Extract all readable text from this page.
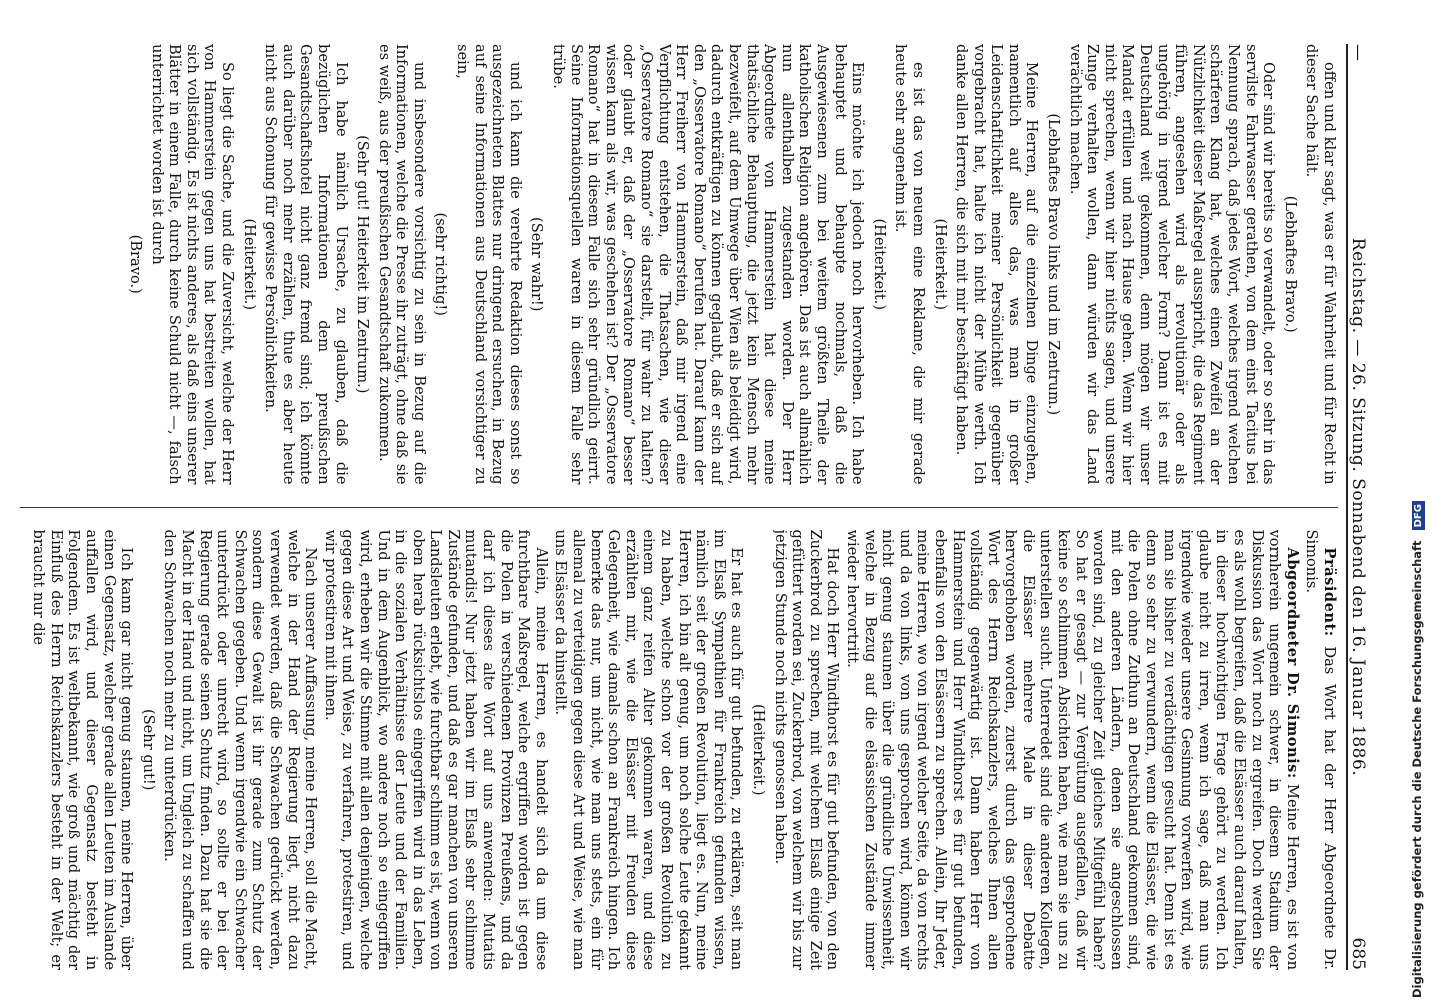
—
Reichstag. — 26. Sitzung. Sonnabend den 16. Januar 1886.
685

offen und klar sagt, was er für Wahrheit und für Recht in dieser Sache hält.

(Lebhaftes Bravo.)

Oder sind wir bereits so verwandelt, oder so sehr in das servilste Fahrwasser gerathen, von dem einst Tacitus bei Nennung sprach, daß jedes Wort, welches irgend welchen schärferen Klang hat, welches einen Zweifel an der Nützlichkeit dieser Maßregel ausspricht, die das Regiment führen, angesehen wird als revolutionär oder als ungehörig in irgend welcher Form? Dann ist es mit Deutschland weit gekommen, denn mögen wir unser Mandat erfüllen und nach Hause gehen. Wenn wir hier nicht sprechen, wenn wir hier nichts sagen, und unsere Zunge verhalten wollen, dann würden wir das Land verächtlich machen.

(Lebhaftes Bravo links und im Zentrum.)

Meine Herren, auf die einzelnen Dinge einzugehen, namentlich auf alles das, was man in großer Leidenschaftlichkeit meiner Persönlichkeit gegenüber vorgebracht hat, halte ich nicht der Mühe werth. Ich danke allen Herren, die sich mit mir beschäftigt haben.

(Heiterkeit.)

es ist das von neuem eine Reklame, die mir gerade heute sehr angenehm ist.

(Heiterkeit.)

Eins möchte ich jedoch noch hervorheben. Ich habe behauptet und behaupte nochmals, daß die Ausgewiesenen zum bei weitem größten Theile der katholischen Religion angehören. Das ist auch allmählich nun allenthalben zugestanden worden. Der Herr Abgeordnete von Hammerstein hat diese meine thatsächliche Behauptung, die jetzt kein Mensch mehr bezweifelt, auf dem Umwege über Wien als beleidigt wird, dadurch entkräftigen zu können geglaubt, daß er sich auf den „Osservatore Romano“ berufen hat. Darauf kann der Herr Freiherr von Hammerstein, daß mir irgend eine Verpflichtung entstehen, die Thatsachen, wie dieser „Osservatore Romano“ sie darstellt, für wahr zu halten? oder glaubt er, daß der „Osservatore Romano“ besser wissen kann als wir, was geschehen ist? Der „Osservatore Romano“ hat in diesem Falle sich sehr gründlich geirrt. Seine Informationsquellen waren in diesem Falle sehr trübe.

(Sehr wahr!)

und ich kann die verehrte Redaktion dieses sonst so ausgezeichneten Blattes nur dringend ersuchen, in Bezug auf seine Informationen aus Deutschland vorsichtiger zu sein,

(sehr richtig!)

und insbesondere vorsichtig zu sein in Bezug auf die Informationen, welche die Presse ihr zuträgt, ohne daß sie es weiß, aus der preußischen Gesandtschaft zukommen.

(Sehr gut! Heiterkeit im Zentrum.)

Ich habe nämlich Ursache, zu glauben, daß die bezüglichen Informationen dem preußischen Gesandtschaftshotel nicht ganz fremd sind; ich könnte auch darüber noch mehr erzählen, thue es aber heute nicht aus Schonung für gewisse Persönlichkeiten.

(Heiterkeit.)

So liegt die Sache, und die Zuversicht, welche der Herr von Hammerstein gegen uns hat bestreiten wollen, hat sich vollständig. Es ist nichts anderes, als daß eins unserer Blätter in einem Falle, durch keine Schuld nicht —, falsch unterrichtet worden ist durch

(Bravo.)

Präsident: Das Wort hat der Herr Abgeordnete Dr. Simonis.

Abgeordneter Dr. Simonis: Meine Herren, es ist von vornherein ungemein schwer, in diesem Stadium der Diskussion das Wort noch zu ergreifen. Doch werden Sie es als wohl begreifen, daß die Elsässer auch darauf halten, in dieser hochwichtigen Frage gehört zu werden. Ich glaube nicht zu irren, wenn ich sage, daß man uns irgendwie wieder unsere Gesinnung vorwerfen wird, wie man sie bisher zu verdächtigen gesucht hat. Denn ist es denn so sehr zu verwundern, wenn die Elsässer, die wie die Polen ohne Zuthun an Deutschland gekommen sind, mit den anderen Ländern, denen sie angeschlossen worden sind, zu gleicher Zeit gleiches Mitgefühl haben? So hat er gesagt — zur Vergütung ausgefallen, daß wir keine so schlimmen Absichten haben, wie man sie uns zu unterstellen sucht. Unterredet sind die anderen Kollegen, die Elsässer mehrere Male in dieser Debatte hervorgehoben worden, zuerst durch das gesprochene Wort des Herrn Reichskanzlers, welches Ihnen allen vollständig gegenwärtig ist. Dann haben Herr von Hammerstein und Herr Windthorst es für gut befunden, ebenfalls von den Elsässern zu sprechen. Allein, Ihr Jeder, meine Herren, wo von irgend welcher Seite, da von rechts und da von links, von uns gesprochen wird, können wir nicht genug staunen über die gründliche Unwissenheit, welche in Bezug auf die elsässischen Zustände immer wieder hervortritt.

Hat doch Herr Windthorst es für gut befunden, von den Zuckerbrod zu sprechen, mit welchem Elsaß einige Zeit gefüttert worden sei, Zuckerbrod, von welchem wir bis zur jetzigen Stunde noch nichts genossen haben.

(Heiterkeit.)

Er hat es auch für gut befunden, zu erklären, seit man im Elsaß Sympathien für Frankreich gefunden wissen, nämlich seit der großen Revolution, liegt es. Nun, meine Herren, ich bin alt genug, um noch solche Leute gekannt zu haben, welche schon vor der großen Revolution zu einem ganz reifen Alter gekommen waren, und diese erzählten mir, wie die Elsässer mit Freuden diese Gelegenheit, wie damals schon an Frankreich hingen. Ich bemerke das nur, um nicht, wie man uns stets, ein für allemal zu verteidigen gegen diese Art und Weise, wie man uns Elsässer da hinstellt.

Allein, meine Herren, es handelt sich da um diese furchtbare Maßregel, welche ergriffen worden ist gegen die Polen in verschiedenen Provinzen Preußens, und da darf ich dieses alte Wort auf uns anwenden: Mutatis mutandis! Nur jetzt haben wir im Elsaß sehr schlimme Zustände gefunden, und daß es gar manchen von unseren Landsleuten erlebt, wie furchtbar schlimm es ist, wenn von oben herab rücksichtslos eingegriffen wird in das Leben, in die sozialen Verhältnisse der Leute und der Familien. Und in dem Augenblick, wo andere noch so eingegriffen wird, erheben wir die Stimme mit allen denjenigen, welche gegen diese Art und Weise, zu verfahren, protestiren, und wir protestiren mit ihnen.

Nach unserer Auffassung, meine Herren, soll die Macht, welche in der Hand der Regierung liegt, nicht dazu verwendet werden, daß die Schwachen gedrückt werden, sondern diese Gewalt ist ihr gerade zum Schutz der Schwachen gegeben. Und wenn irgendwie ein Schwacher unterdrückt oder unrecht wird, so sollte er bei der Regierung gerade seinen Schutz finden. Dazu hat sie die Macht in der Hand und nicht, um Ungleich zu schaffen und den Schwachen noch mehr zu unterdrücken.

(Sehr gut!)

Ich kann gar nicht genug staunen, meine Herren, über einen Gegensatz, welcher gerade allen Leuten im Auslande auffallen wird, und dieser Gegensatz besteht in Folgendem. Es ist weltbekannt, wie groß und mächtig der Einfluß des Herrn Reichskanzlers besteht in der Welt; er braucht nur die	Digitalisierung gefördert durch die Deutsche Forschungsgemeinschaft DFG
